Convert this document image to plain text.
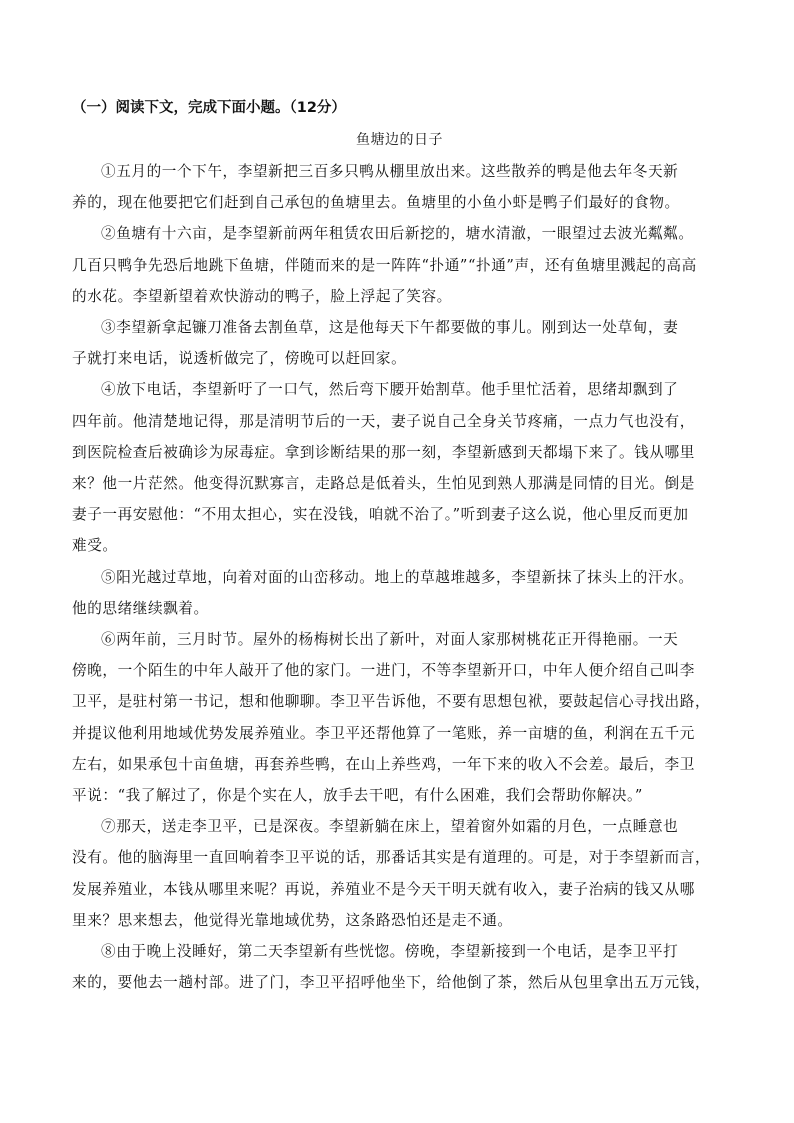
（一）阅读下文，完成下面小题。（12分）

鱼塘边的日子

①五月的一个下午，李望新把三百多只鸭从棚里放出来。这些散养的鸭是他去年冬天新
养的，现在他要把它们赶到自己承包的鱼塘里去。鱼塘里的小鱼小虾是鸭子们最好的食物。

②鱼塘有十六亩，是李望新前两年租赁农田后新挖的，塘水清澈，一眼望过去波光粼粼。
几百只鸭争先恐后地跳下鱼塘，伴随而来的是一阵阵“扑通”“扑通”声，还有鱼塘里溅起的高高
的水花。李望新望着欢快游动的鸭子，脸上浮起了笑容。

③李望新拿起镰刀准备去割鱼草，这是他每天下午都要做的事儿。刚到达一处草甸，妻
子就打来电话，说透析做完了，傍晚可以赶回家。

④放下电话，李望新吁了一口气，然后弯下腰开始割草。他手里忙活着，思绪却飘到了
四年前。他清楚地记得，那是清明节后的一天，妻子说自己全身关节疼痛，一点力气也没有，
到医院检查后被确诊为尿毒症。拿到诊断结果的那一刻，李望新感到天都塌下来了。钱从哪里
来？他一片茫然。他变得沉默寡言，走路总是低着头，生怕见到熟人那满是同情的目光。倒是
妻子一再安慰他：“不用太担心，实在没钱，咱就不治了。”听到妻子这么说，他心里反而更加
难受。

⑤阳光越过草地，向着对面的山峦移动。地上的草越堆越多，李望新抹了抹头上的汗水。
他的思绪继续飘着。

⑥两年前，三月时节。屋外的杨梅树长出了新叶，对面人家那树桃花正开得艳丽。一天
傍晚，一个陌生的中年人敲开了他的家门。一进门，不等李望新开口，中年人便介绍自己叫李
卫平，是驻村第一书记，想和他聊聊。李卫平告诉他，不要有思想包袱，要鼓起信心寻找出路，
并提议他利用地域优势发展养殖业。李卫平还帮他算了一笔账，养一亩塘的鱼，利润在五千元
左右，如果承包十亩鱼塘，再套养些鸭，在山上养些鸡，一年下来的收入不会差。最后，李卫
平说：“我了解过了，你是个实在人，放手去干吧，有什么困难，我们会帮助你解决。”

⑦那天，送走李卫平，已是深夜。李望新躺在床上，望着窗外如霜的月色，一点睡意也
没有。他的脑海里一直回响着李卫平说的话，那番话其实是有道理的。可是，对于李望新而言，
发展养殖业，本钱从哪里来呢？再说，养殖业不是今天干明天就有收入，妻子治病的钱又从哪
里来？思来想去，他觉得光靠地域优势，这条路恐怕还是走不通。

⑧由于晚上没睡好，第二天李望新有些恍惚。傍晚，李望新接到一个电话，是李卫平打
来的，要他去一趟村部。进了门，李卫平招呼他坐下，给他倒了茶，然后从包里拿出五万元钱，
